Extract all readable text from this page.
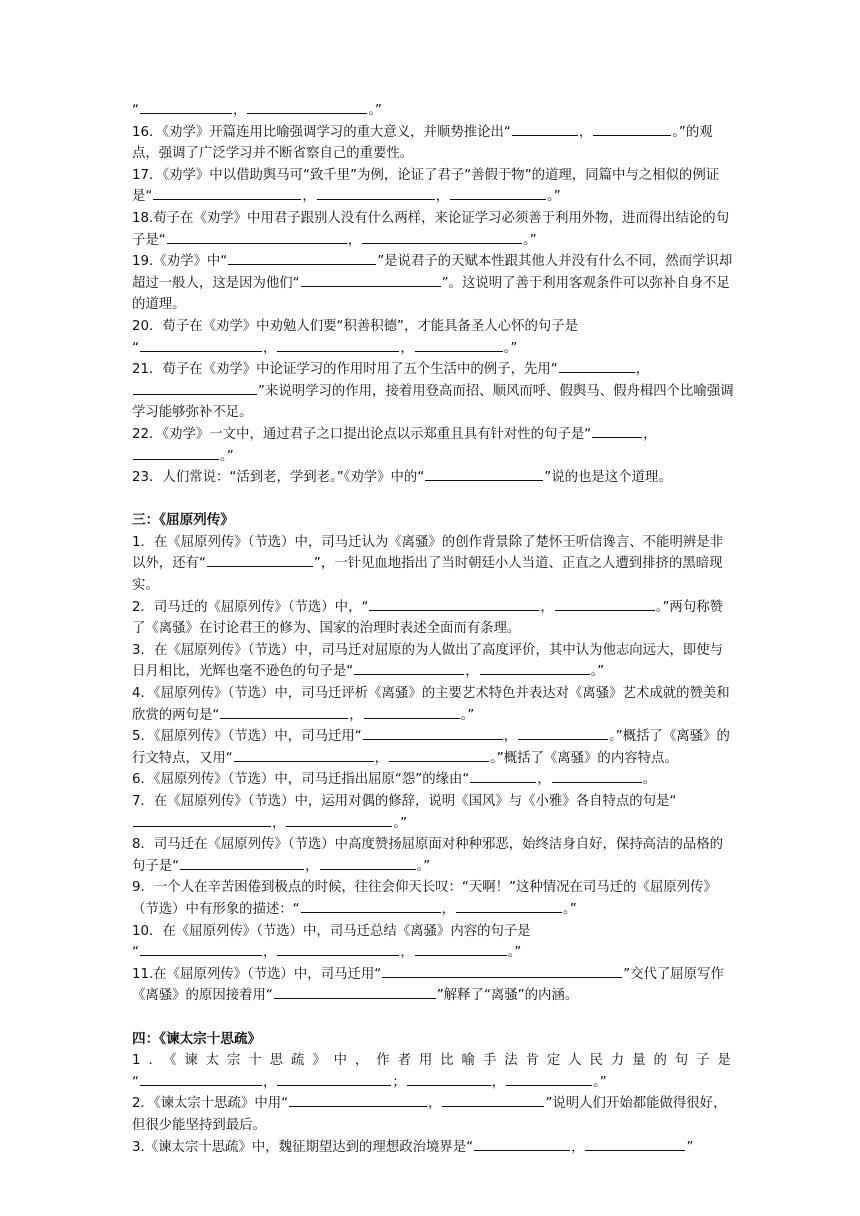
“	，	。”

16．《劝学》开篇连用比喻强调学习的重大意义，并顺势推论出“	，	。”的观点，强调了广泛学习并不断省察自己的重要性。

17．《劝学》中以借助舆马可“致千里”为例，论证了君子“善假于物”的道理，同篇中与之相似的例证是“	，	，	。”

18.荀子在《劝学》中用君子跟别人没有什么两样，来论证学习必须善于利用外物，进而得出结论的句子是“	，	。”

19.《劝学》中“	”是说君子的天赋本性跟其他人并没有什么不同，然而学识却超过一般人，这是因为他们“	”。这说明了善于利用客观条件可以弥补自身不足的道理。

20．荀子在《劝学》中劝勉人们要“积善积德”，才能具备圣人心怀的句子是
“	，	，	。”

21．荀子在《劝学》中论证学习的作用时用了五个生活中的例子，先用“	，”来说明学习的作用，接着用登高而招、顺风而呼、假舆马、假舟楫四个比喻强调学习能够弥补不足。

22．《劝学》一文中，通过君子之口提出论点以示郑重且具有针对性的句子是“	，。”

23．人们常说：“活到老，学到老。”《劝学》中的“	”说的也是这个道理。

三：《屈原列传》

1．在《屈原列传》（节选）中，司马迁认为《离骚》的创作背景除了楚怀王听信谗言、不能明辨是非以外，还有“	”，一针见血地指出了当时朝廷小人当道、正直之人遭到排挤的黑暗现实。

2．司马迁的《屈原列传》（节选）中，“	，	。”两句称赞了《离骚》在讨论君王的修为、国家的治理时表述全面而有条理。

3．在《屈原列传》（节选）中，司马迁对屈原的为人做出了高度评价，其中认为他志向远大，即使与日月相比，光辉也毫不逊色的句子是“	，	。”

4．《屈原列传》（节选）中，司马迁评析《离骚》的主要艺术特色并表达对《离骚》艺术成就的赞美和欣赏的两句是“	，	。”

5．《屈原列传》（节选）中，司马迁用“	，	。”概括了《离骚》的行文特点，又用“	，	。”概括了《离骚》的内容特点。

6．《屈原列传》（节选）中，司马迁指出屈原“怨”的缘由“	，	。

7．在《屈原列传》（节选）中，运用对偶的修辞，说明《国风》与《小雅》各自特点的句是“，	。”

8．司马迁在《屈原列传》（节选）中高度赞扬屈原面对种种邪恶，始终洁身自好，保持高洁的品格的句子是“	，	。”

9．一个人在辛苦困倦到极点的时候，往往会仰天长叹：“天啊！”这种情况在司马迁的《屈原列传》（节选）中有形象的描述：“	，	。”

10．在《屈原列传》（节选）中，司马迁总结《离骚》内容的句子是
“	，	，	。”

11.在《屈原列传》（节选）中，司马迁用“	”交代了屈原写作《离骚》的原因接着用“	”解释了“离骚”的内涵。

四：《谏太宗十思疏》

1．《谏太宗十思疏》中，作者用比喻手法肯定人民力量的句子是

“	，	；	，	。”

2．《谏太宗十思疏》中用“	，	”说明人们开始都能做得很好，但很少能坚持到最后。

3.《谏太宗十思疏》中，魏征期望达到的理想政治境界是“	，	”
